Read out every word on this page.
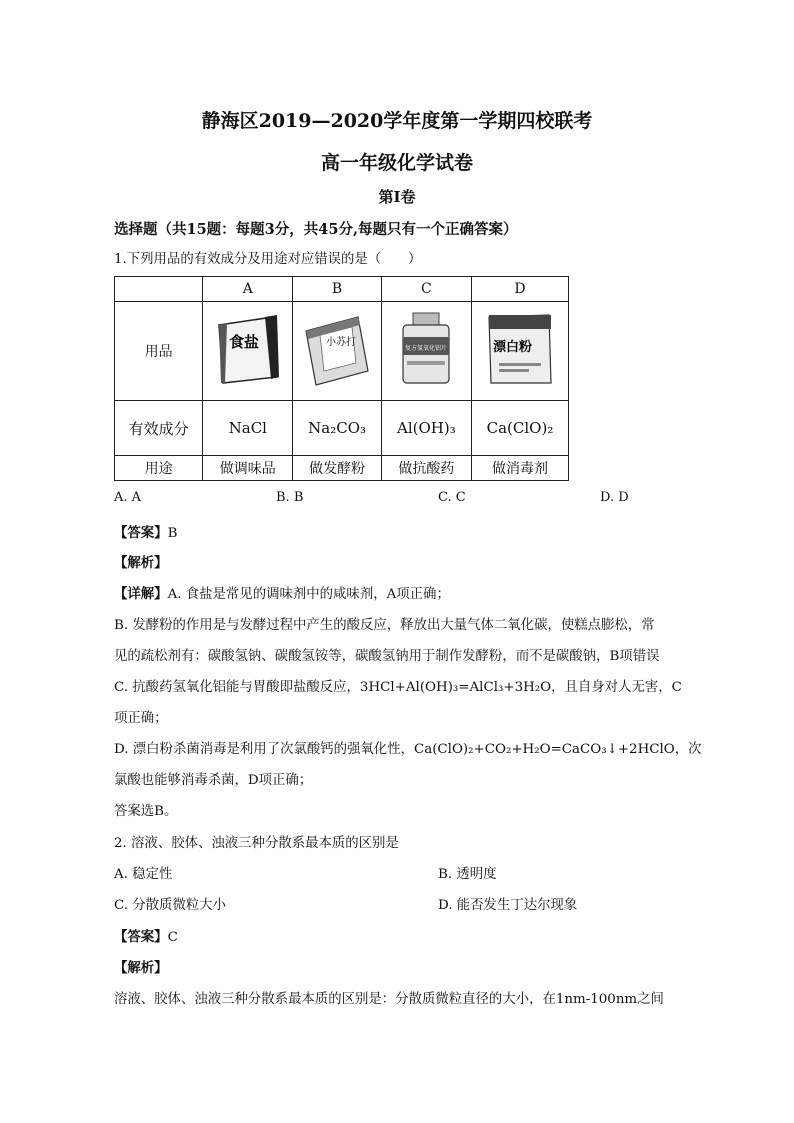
静海区2019—2020学年度第一学期四校联考
高一年级化学试卷
第Ⅰ卷
选择题（共15题：每题3分，共45分,每题只有一个正确答案）
1.下列用品的有效成分及用途对应错误的是（　　）
	A	B	C	D
用品	食盐	小苏打	复方氢氧化铝片	漂白粉

有效成分	NaCl	Na₂CO₃	Al(OH)₃	Ca(ClO)₂
用途	做调味品	做发酵粉	做抗酸药	做消毒剂
A. A	B. B	C. C	D. D
【答案】B
【解析】
【详解】A. 食盐是常见的调味剂中的咸味剂，A项正确；
B. 发酵粉的作用是与发酵过程中产生的酸反应，释放出大量气体二氧化碳，使糕点膨松，常
见的疏松剂有：碳酸氢钠、碳酸氢铵等，碳酸氢钠用于制作发酵粉，而不是碳酸钠，B项错误
C. 抗酸药氢氧化铝能与胃酸即盐酸反应，3HCl+Al(OH)₃=AlCl₃+3H₂O，且自身对人无害，C
项正确；
D. 漂白粉杀菌消毒是利用了次氯酸钙的强氧化性，Ca(ClO)₂+CO₂+H₂O=CaCO₃↓+2HClO，次
氯酸也能够消毒杀菌，D项正确；
答案选B。
2. 溶液、胶体、浊液三种分散系最本质的区别是
A. 稳定性	B. 透明度
C. 分散质微粒大小	D. 能否发生丁达尔现象
【答案】C
【解析】
溶液、胶体、浊液三种分散系最本质的区别是：分散质微粒直径的大小，在1nm-100nm之间
